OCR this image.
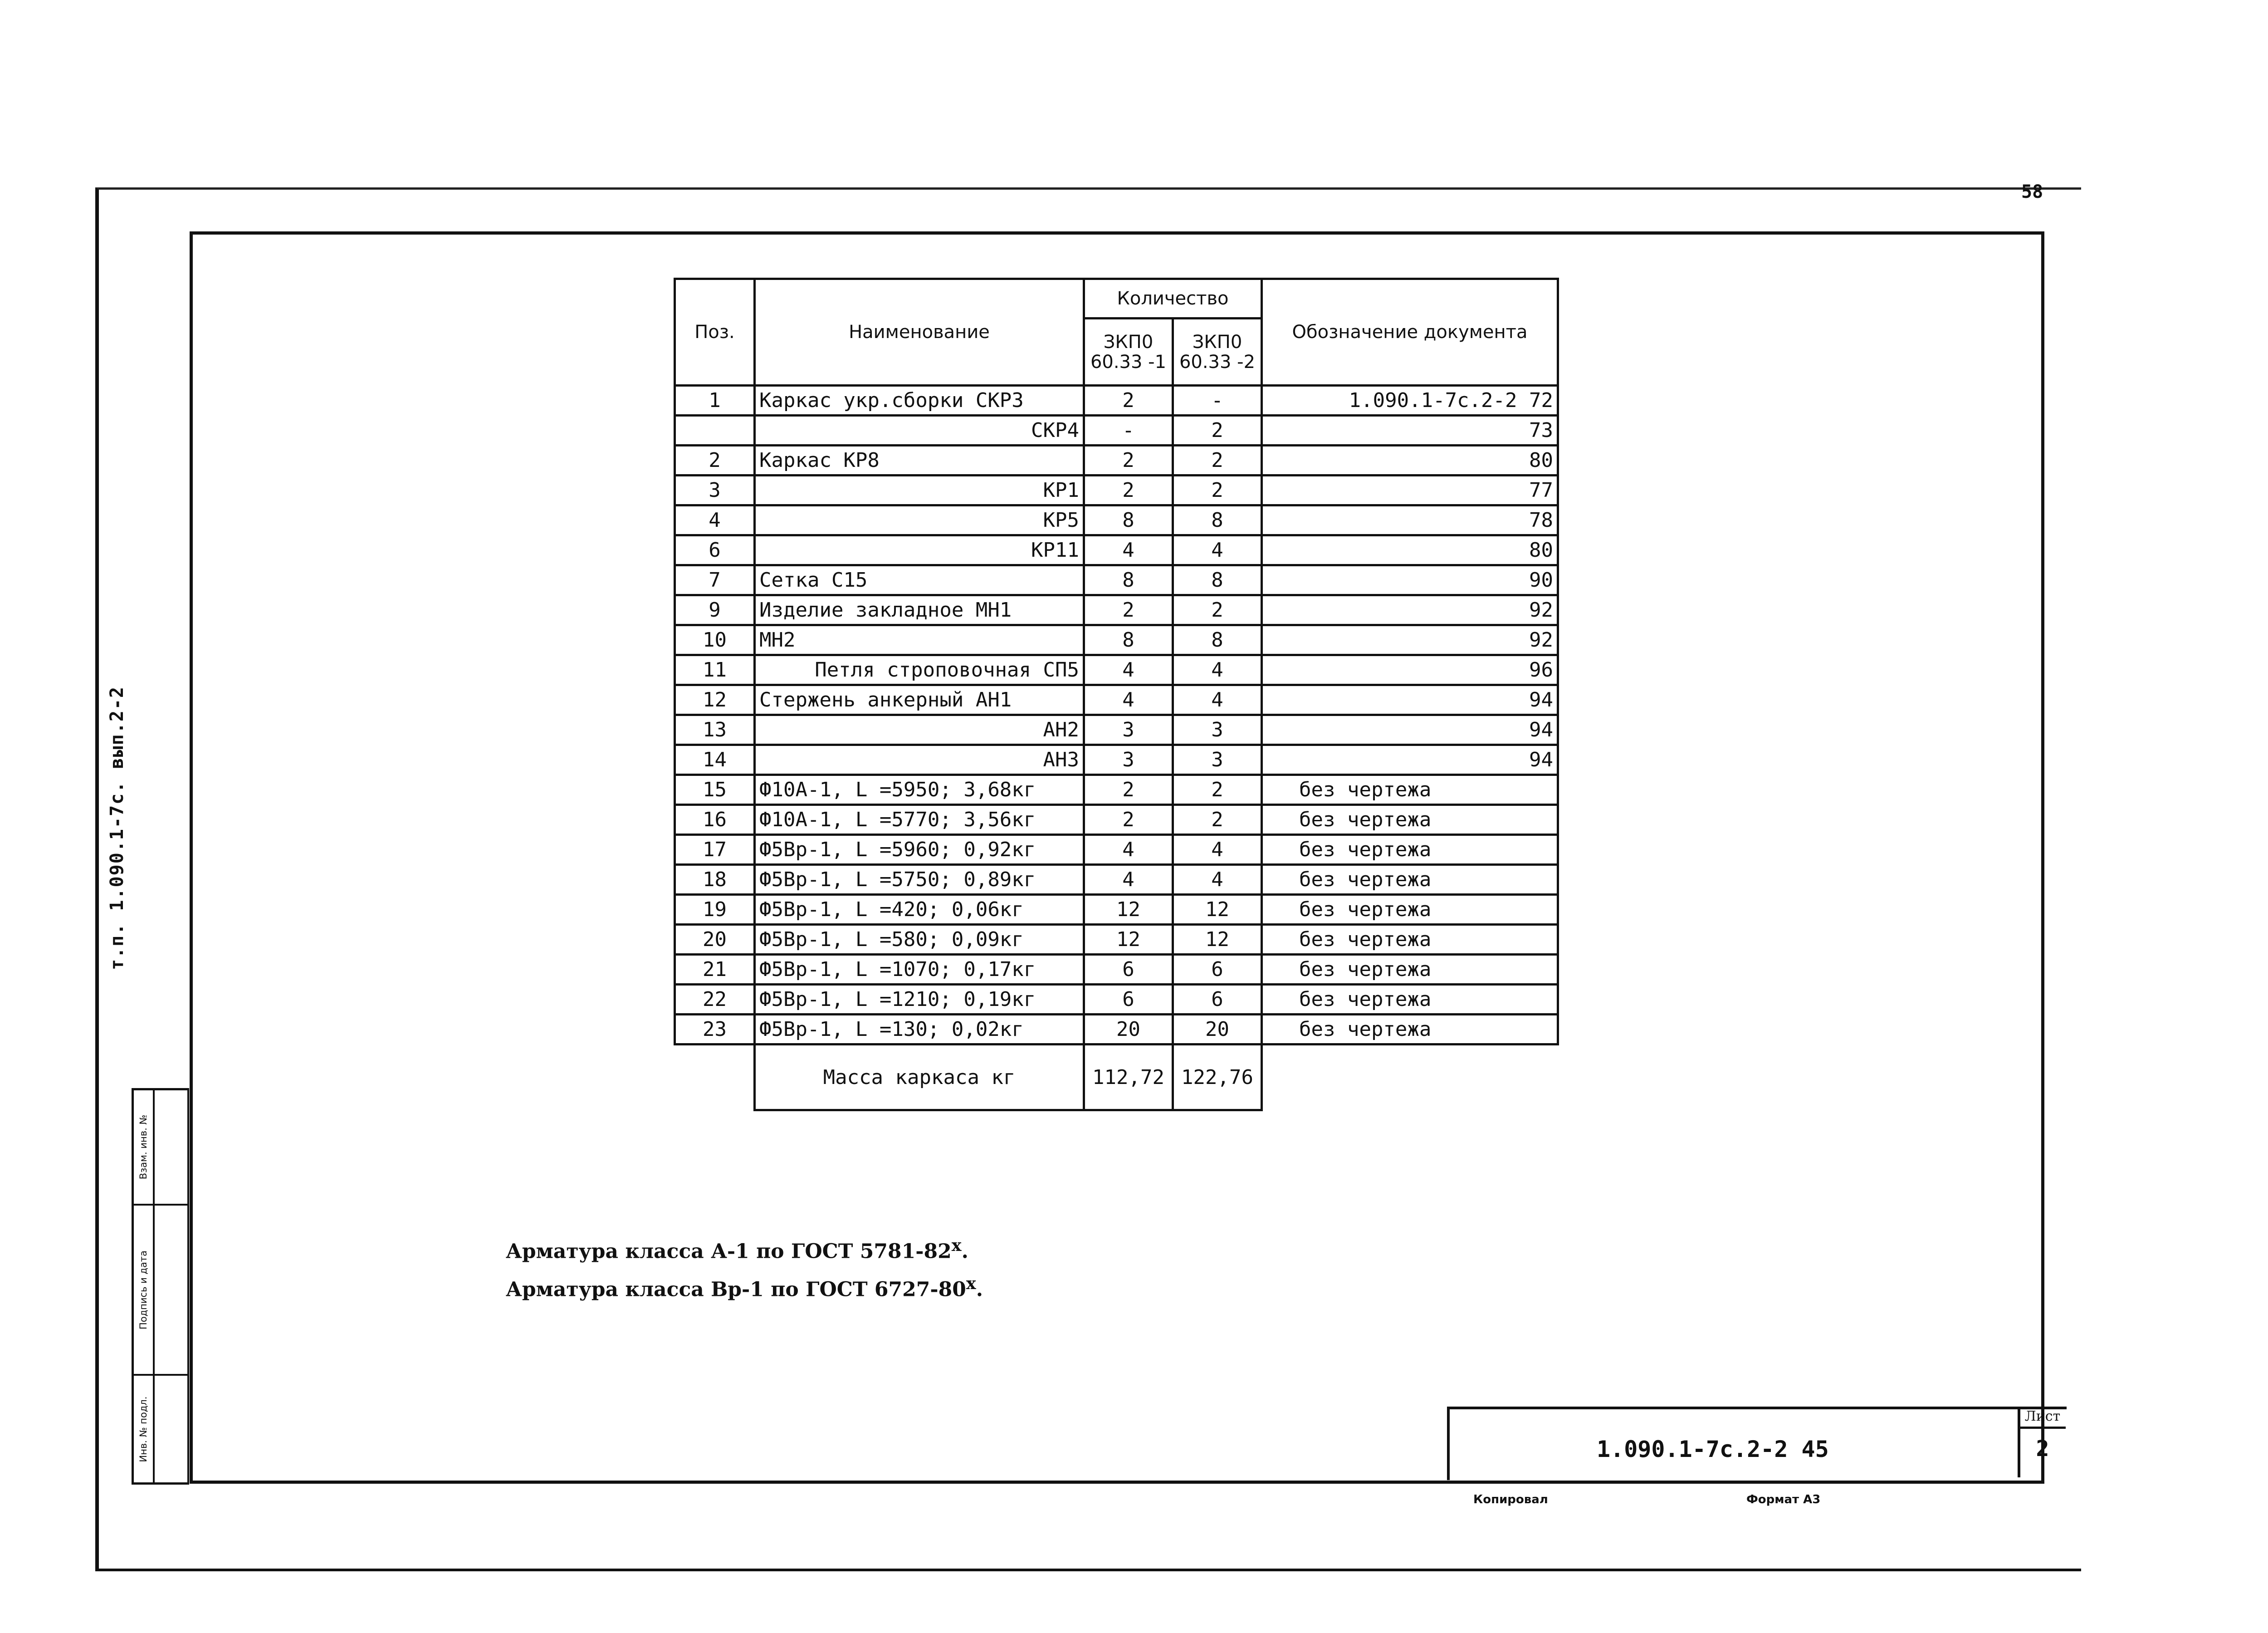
58
т.п. 1.090.1-7с. вып.2-2
Взам. инв. №
Подпись и дата
Инв. № подл.
Поз.	Наименование	Количество		Обозначение документа
		ЗКП0 60.33 -1	ЗКП0 60.33 -2	
1	Каркас укр.сборки СКР3	2	-	1.090.1-7с.2-2 72
	СКР4	-	2	73
2	Каркас КР8	2	2	80
3	КР1	2	2	77
4	КР5	8	8	78
6	КР11	4	4	80
7	Сетка С15	8	8	90
9	Изделие закладное МН1	2	2	92
10	МН2	8	8	92
11	Петля строповочная СП5	4	4	96
12	Стержень анкерный АН1	4	4	94
13	АН2	3	3	94
14	АН3	3	3	94
15	Ф10А-1, L =5950; 3,68кг	2	2	без чертежа
16	Ф10А-1, L =5770; 3,56кг	2	2	без чертежа
17	Ф5Вр-1, L =5960; 0,92кг	4	4	без чертежа
18	Ф5Вр-1, L =5750; 0,89кг	4	4	без чертежа
19	Ф5Вр-1, L =420; 0,06кг	12	12	без чертежа
20	Ф5Вр-1, L =580; 0,09кг	12	12	без чертежа
21	Ф5Вр-1, L =1070; 0,17кг	6	6	без чертежа
22	Ф5Вр-1, L =1210; 0,19кг	6	6	без чертежа
23	Ф5Вр-1, L =130; 0,02кг	20	20	без чертежа
	Масса каркаса кг	112,72	122,76	
Арматура класса А-1 по ГОСТ 5781-82$^x$.
Арматура класса Вр-1 по ГОСТ 6727-80$^x$.
1.090.1-7с.2-2 45
Лист
2
Копировал	Формат А3
